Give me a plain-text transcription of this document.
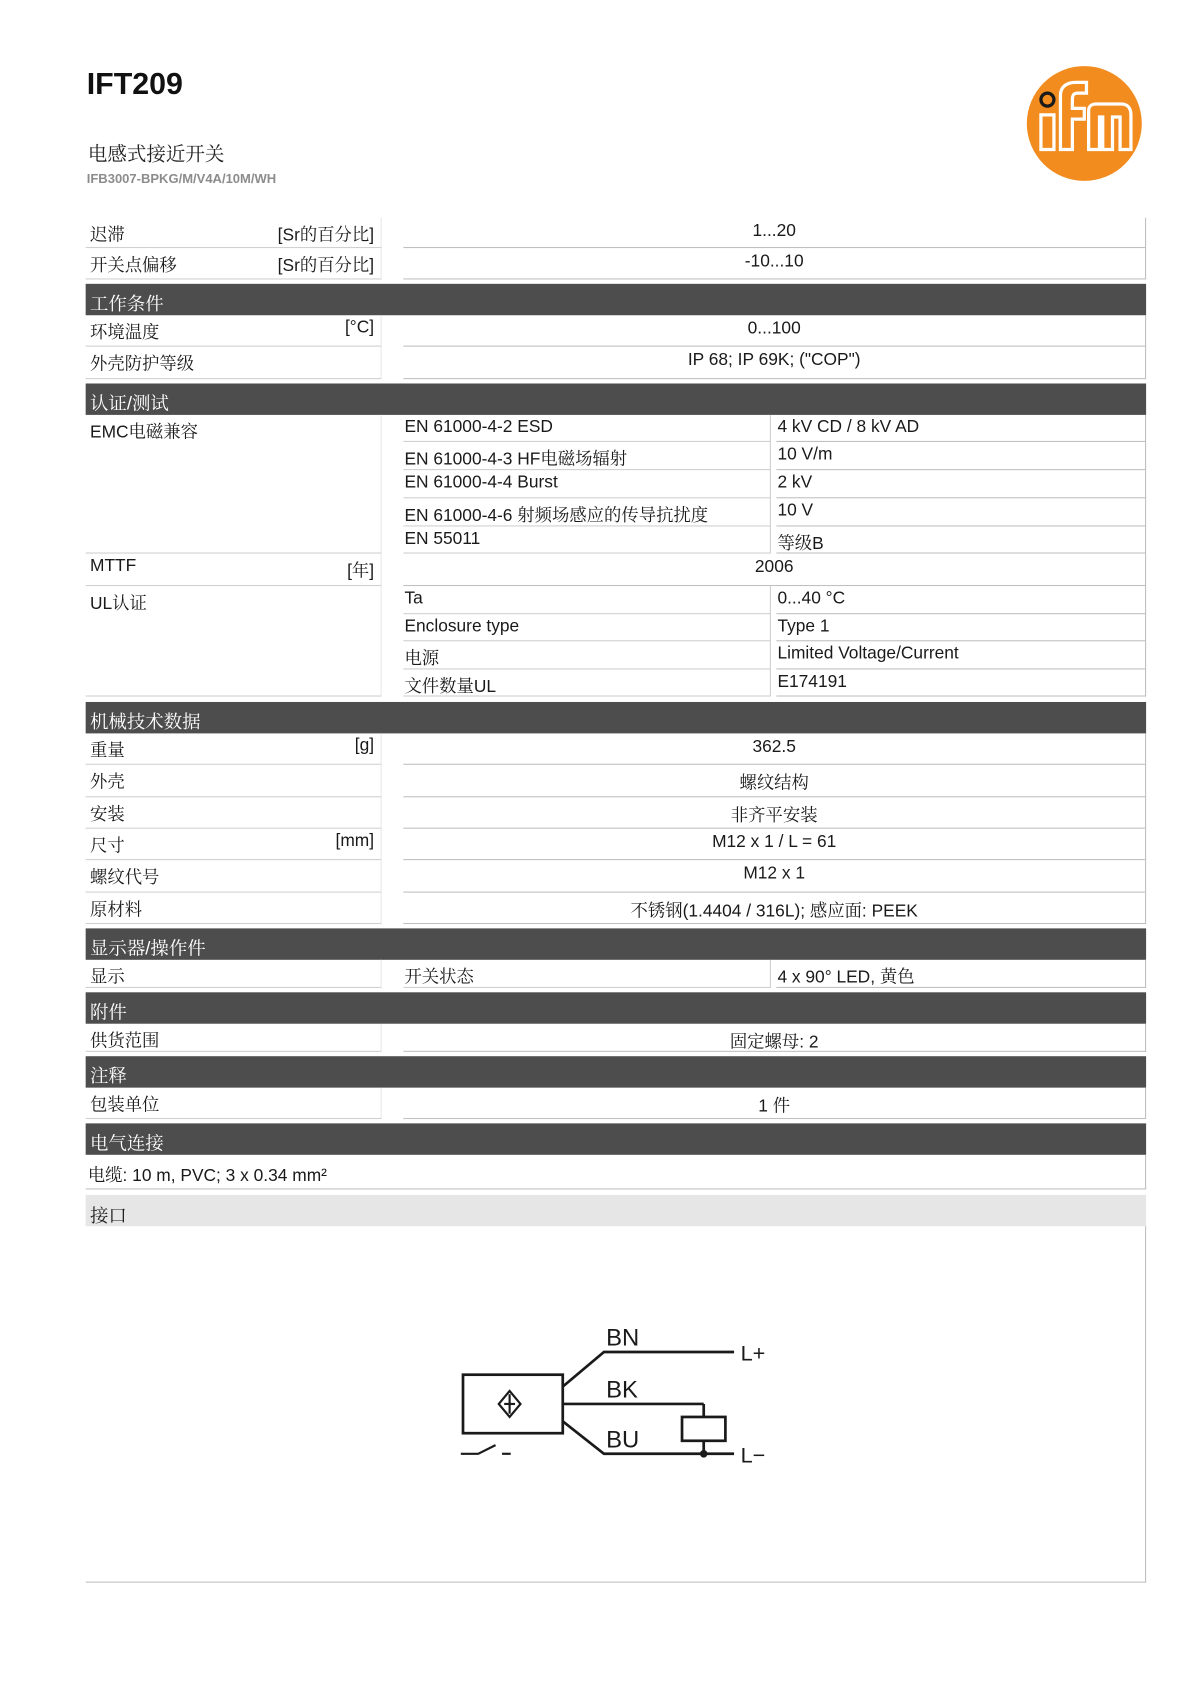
IFT209
电感式接近开关
IFB3007-BPKG/M/V4A/10M/WH
迟滞	[Sr的百分比]	1...20
开关点偏移	[Sr的百分比]	-10...10
工作条件
环境温度	[°C]	0...100
外壳防护等级	IP 68; IP 69K; ("COP")
认证/测试
EMC电磁兼容	EN 61000-4-2 ESD	4 kV CD / 8 kV AD
EN 61000-4-3 HF电磁场辐射	10 V/m
EN 61000-4-4 Burst	2 kV
EN 61000-4-6 射频场感应的传导抗扰度	10 V
EN 55011	等级B
MTTF	[年]	2006
UL认证	Ta	0...40 °C
Enclosure type	Type 1
电源	Limited Voltage/Current
文件数量UL	E174191
机械技术数据
重量	[g]	362.5
外壳	螺纹结构
安装	非齐平安装
尺寸	[mm]	M12 x 1 / L = 61
螺纹代号	M12 x 1
原材料	不锈钢(1.4404 / 316L); 感应面: PEEK
显示器/操作件
显示	开关状态	4 x 90° LED, 黄色
附件
供货范围	固定螺母: 2
注释
包装单位	1 件
电气连接
电缆: 10 m, PVC; 3 x 0.34 mm²
接口
BN
BK
BU
L+
L−
